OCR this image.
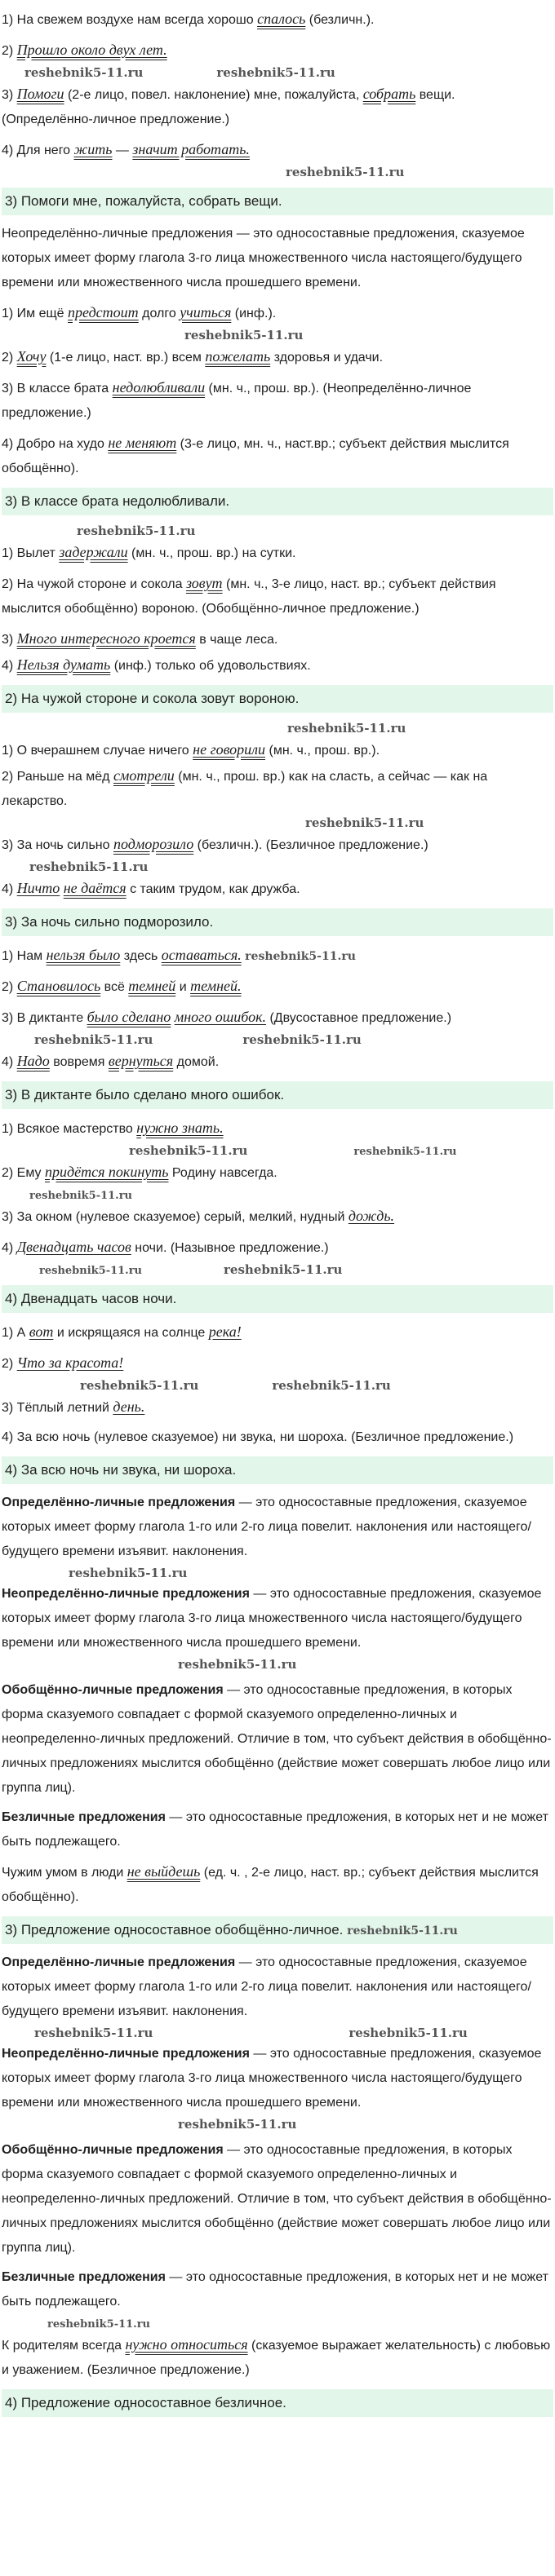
1) На свежем воздухе нам всегда хорошо спалось (безличн.).

2) Прошло около двух лет.

reshebnik5-11.ru	reshebnik5-11.ru

3) Помоги (2-е лицо, повел. наклонение) мне, пожалуйста, собрать вещи.

(Определённо-личное предложение.)

4) Для него жить — значит работать.

reshebnik5-11.ru
3) Помоги мне, пожалуйста, собрать вещи.

Неопределённо-личные предложения — это односоставные предложения, сказуемое которых имеет форму глагола 3-го лица множественного числа настоящего/будущего времени или множественного числа прошедшего времени.

1) Им ещё предстоит долго учиться (инф.).

reshebnik5-11.ru

2) Хочу (1-е лицо, наст. вр.) всем пожелать здоровья и удачи.

3) В классе брата недолюбливали (мн. ч., прош. вр.). (Неопределённо-личное предложение.)

4) Добро на худо не меняют (3-е лицо, мн. ч., наст.вр.; субъект действия мыслится обобщённо).

3) В классе брата недолюбливали.
reshebnik5-11.ru

1) Вылет задержали (мн. ч., прош. вр.) на сутки.

2) На чужой стороне и сокола зовут (мн. ч., 3-е лицо, наст. вр.; субъект действия мыслится обобщённо) вороною. (Обобщённо-личное предложение.)

3) Много интересного кроется в чаще леса.

4) Нельзя думать (инф.) только об удовольствиях.

2) На чужой стороне и сокола зовут вороною.
reshebnik5-11.ru

1) О вчерашнем случае ничего не говорили (мн. ч., прош. вр.).

2) Раньше на мёд смотрели (мн. ч., прош. вр.) как на сласть, а сейчас — как на лекарство.

reshebnik5-11.ru

3) За ночь сильно подморозило (безличн.). (Безличное предложение.)

reshebnik5-11.ru

4) Ничто не даётся с таким трудом, как дружба.

3) За ночь сильно подморозило.

1) Нам нельзя было здесь оставаться. reshebnik5-11.ru

2) Становилось всё темней и темней.

3) В диктанте было сделано много ошибок. (Двусоставное предложение.)

reshebnik5-11.ru	reshebnik5-11.ru

4) Надо вовремя вернуться домой.

3) В диктанте было сделано много ошибок.

1) Всякое мастерство нужно знать.

reshebnik5-11.ru	reshebnik5-11.ru

2) Ему придётся покинуть Родину навсегда.

reshebnik5-11.ru

3) За окном (нулевое сказуемое) серый, мелкий, нудный дождь.

4) Двенадцать часов ночи. (Назывное предложение.)

reshebnik5-11.ru	reshebnik5-11.ru
4) Двенадцать часов ночи.

1) А вот и искрящаяся на солнце река!

2) Что за красота!

reshebnik5-11.ru	reshebnik5-11.ru

3) Тёплый летний день.

4) За всю ночь (нулевое сказуемое) ни звука, ни шороха. (Безличное предложение.)

4) За всю ночь ни звука, ни шороха.

Определённо-личные предложения — это односоставные предложения, сказуемое которых имеет форму глагола 1-го или 2-го лица повелит. наклонения или настоящего/будущего времени изъявит. наклонения.

reshebnik5-11.ru

Неопределённо-личные предложения — это односоставные предложения, сказуемое которых имеет форму глагола 3-го лица множественного числа настоящего/будущего времени или множественного числа прошедшего времени.

reshebnik5-11.ru

Обобщённо-личные предложения — это односоставные предложения, в которых форма сказуемого совпадает с формой сказуемого определенно-личных и неопределенно-личных предложений. Отличие в том, что субъект действия в обобщённо-личных предложениях мыслится обобщённо (действие может совершать любое лицо или группа лиц).

Безличные предложения — это односоставные предложения, в которых нет и не может быть подлежащего.

Чужим умом в люди не выйдешь (ед. ч. , 2-е лицо, наст. вр.; субъект действия мыслится обобщённо).

3) Предложение односоставное обобщённо-личное. reshebnik5-11.ru

Определённо-личные предложения — это односоставные предложения, сказуемое которых имеет форму глагола 1-го или 2-го лица повелит. наклонения или настоящего/будущего времени изъявит. наклонения.

reshebnik5-11.ru	reshebnik5-11.ru

Неопределённо-личные предложения — это односоставные предложения, сказуемое которых имеет форму глагола 3-го лица множественного числа настоящего/будущего времени или множественного числа прошедшего времени.

reshebnik5-11.ru

Обобщённо-личные предложения — это односоставные предложения, в которых форма сказуемого совпадает с формой сказуемого определенно-личных и неопределенно-личных предложений. Отличие в том, что субъект действия в обобщённо-личных предложениях мыслится обобщённо (действие может совершать любое лицо или группа лиц).

Безличные предложения — это односоставные предложения, в которых нет и не может быть подлежащего.

reshebnik5-11.ru

К родителям всегда нужно относиться (сказуемое выражает желательность) с любовью и уважением. (Безличное предложение.)

4) Предложение односоставное безличное.
